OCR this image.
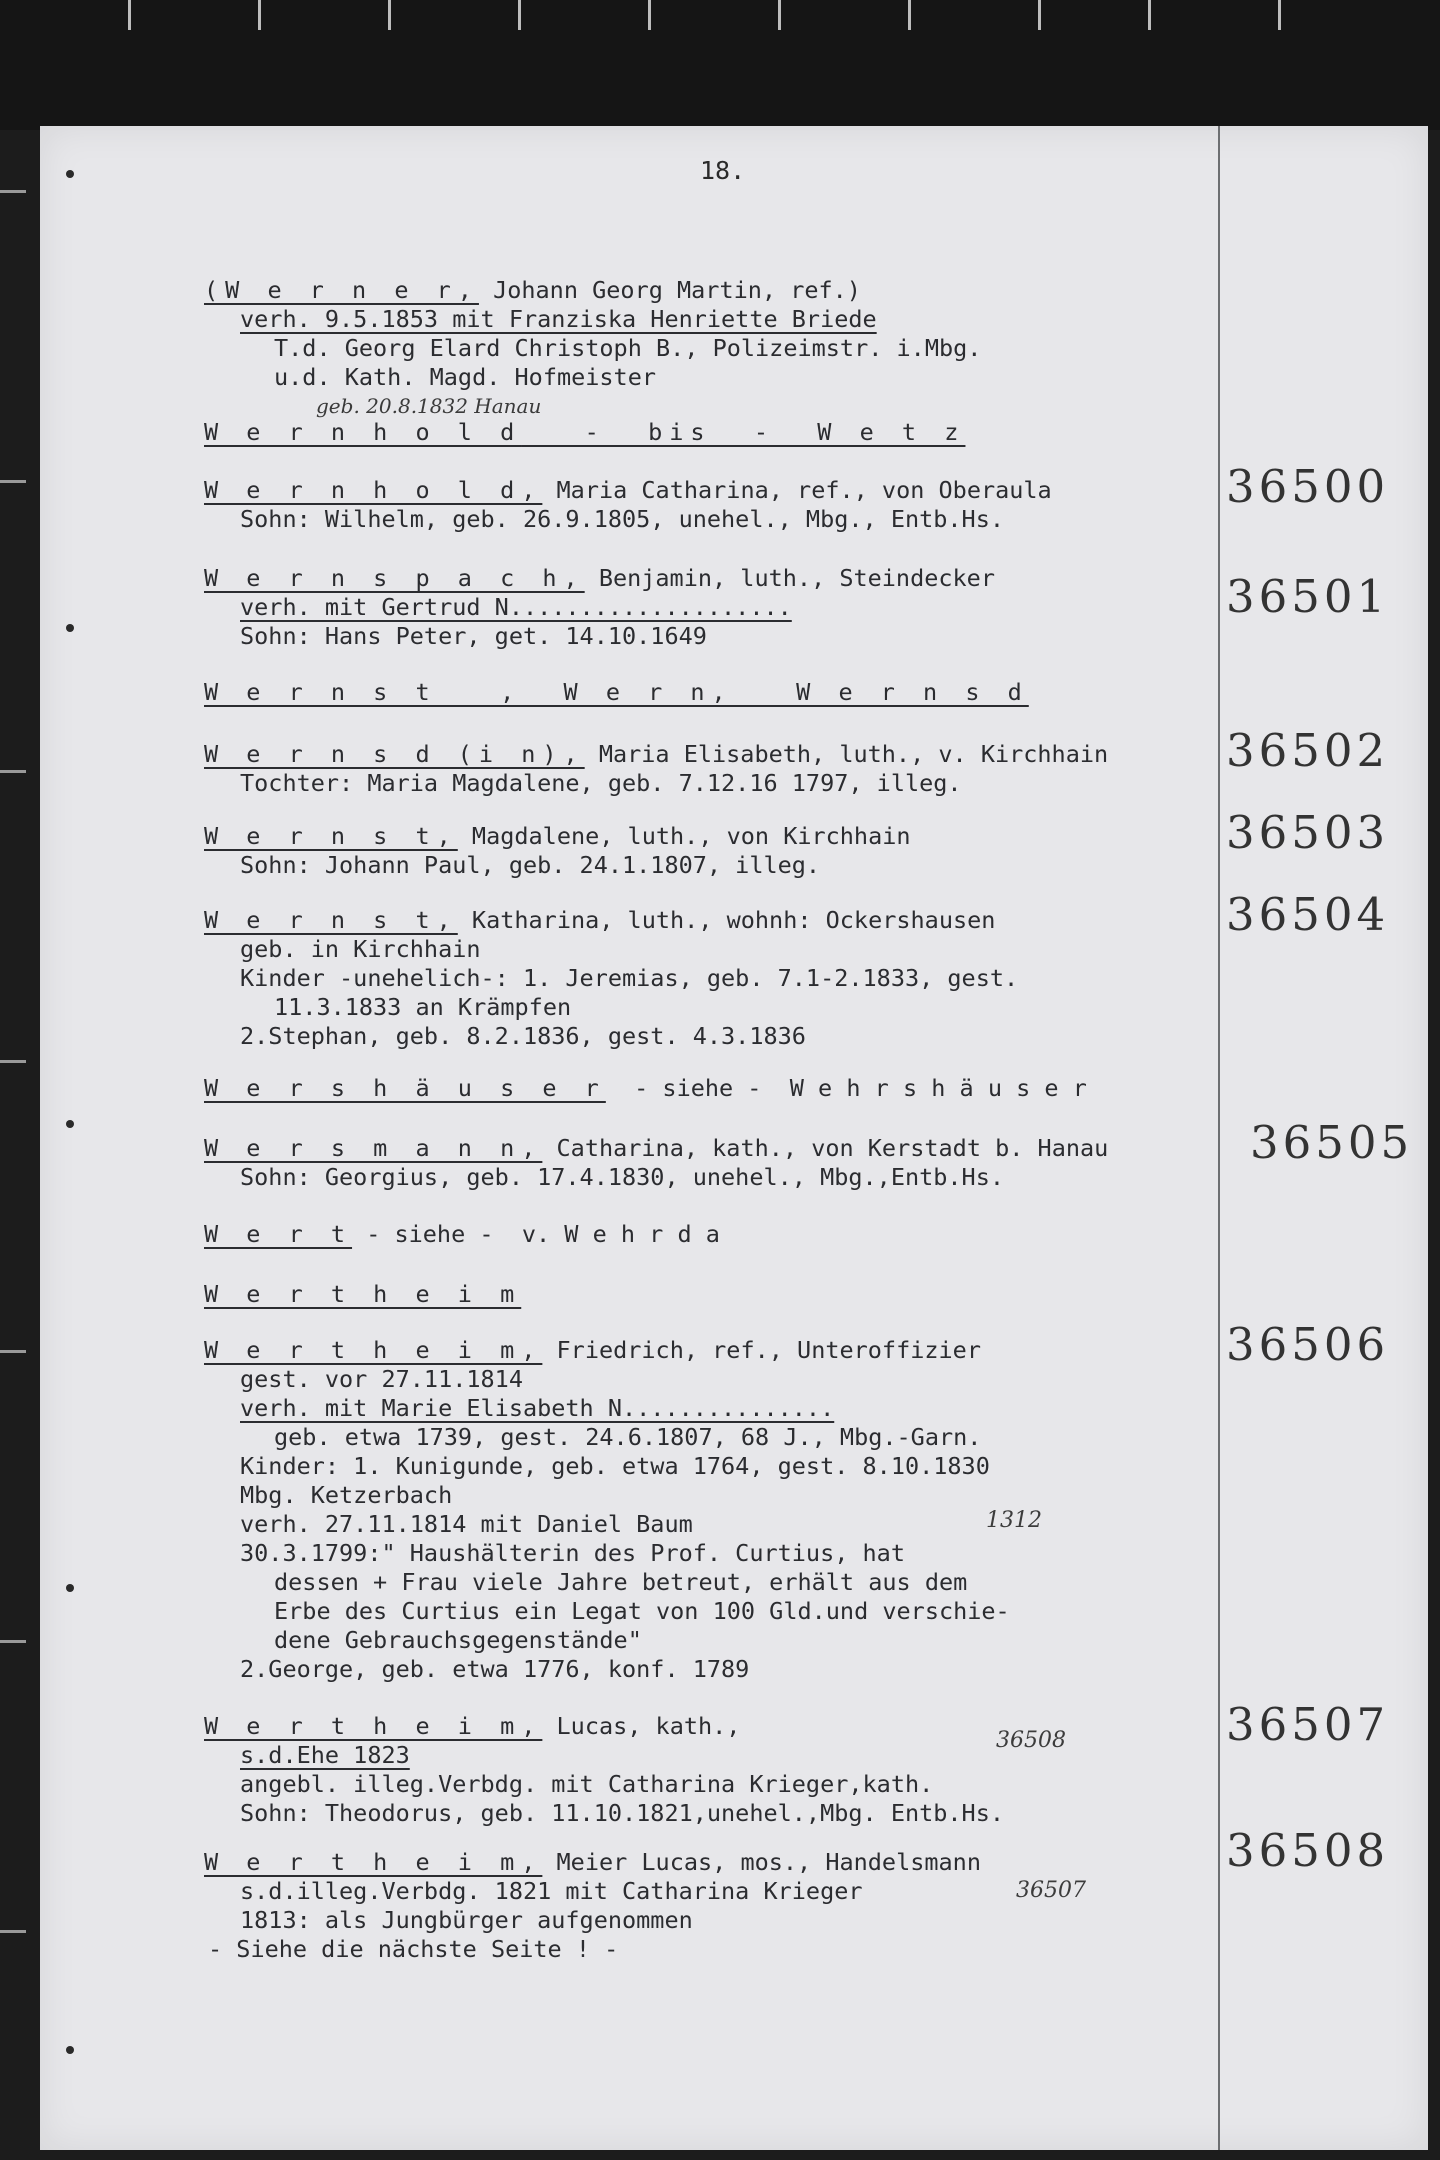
18.
(W e r n e r, Johann Georg Martin, ref.)
verh. 9.5.1853 mit Franziska Henriette Briede
T.d. Georg Elard Christoph B., Polizeimstr. i.Mbg.
u.d. Kath. Magd. Hofmeister
geb. 20.8.1832 Hanau
W e r n h o l d   -  bis  -  W e t z
W e r n h o l d, Maria Catharina, ref., von Oberaula
Sohn: Wilhelm, geb. 26.9.1805, unehel., Mbg., Entb.Hs.
36500
W e r n s p a c h, Benjamin, luth., Steindecker
verh. mit Gertrud N....................
Sohn: Hans Peter, get. 14.10.1649
36501
W e r n s t   ,  W e r n,   W e r n s d
W e r n s d (i n), Maria Elisabeth, luth., v. Kirchhain
Tochter: Maria Magdalene, geb. 7.12.16 1797, illeg.
36502
W e r n s t, Magdalene, luth., von Kirchhain
Sohn: Johann Paul, geb. 24.1.1807, illeg.
36503
W e r n s t, Katharina, luth., wohnh: Ockershausen
geb. in Kirchhain
Kinder -unehelich-: 1. Jeremias, geb. 7.1-2.1833, gest.
11.3.1833 an Krämpfen
2.Stephan, geb. 8.2.1836, gest. 4.3.1836
36504
W e r s h ä u s e r  - siehe -  W e h r s h ä u s e r
W e r s m a n n, Catharina, kath., von Kerstadt b. Hanau
Sohn: Georgius, geb. 17.4.1830, unehel., Mbg.,Entb.Hs.
36505
W e r t - siehe -  v. W e h r d a
W e r t h e i m
W e r t h e i m, Friedrich, ref., Unteroffizier
gest. vor 27.11.1814
verh. mit Marie Elisabeth N...............
geb. etwa 1739, gest. 24.6.1807, 68 J., Mbg.-Garn.
Kinder: 1. Kunigunde, geb. etwa 1764, gest. 8.10.1830
Mbg. Ketzerbach
verh. 27.11.1814 mit Daniel Baum
30.3.1799:" Haushälterin des Prof. Curtius, hat
dessen + Frau viele Jahre betreut, erhält aus dem
Erbe des Curtius ein Legat von 100 Gld.und verschie-
dene Gebrauchsgegenstände"
2.George, geb. etwa 1776, konf. 1789
36506
1312
W e r t h e i m, Lucas, kath.,
s.d.Ehe 1823
angebl. illeg.Verbdg. mit Catharina Krieger,kath.
Sohn: Theodorus, geb. 11.10.1821,unehel.,Mbg. Entb.Hs.
36507
36508
W e r t h e i m, Meier Lucas, mos., Handelsmann
s.d.illeg.Verbdg. 1821 mit Catharina Krieger
1813: als Jungbürger aufgenommen
- Siehe die nächste Seite ! -
36508
36507
